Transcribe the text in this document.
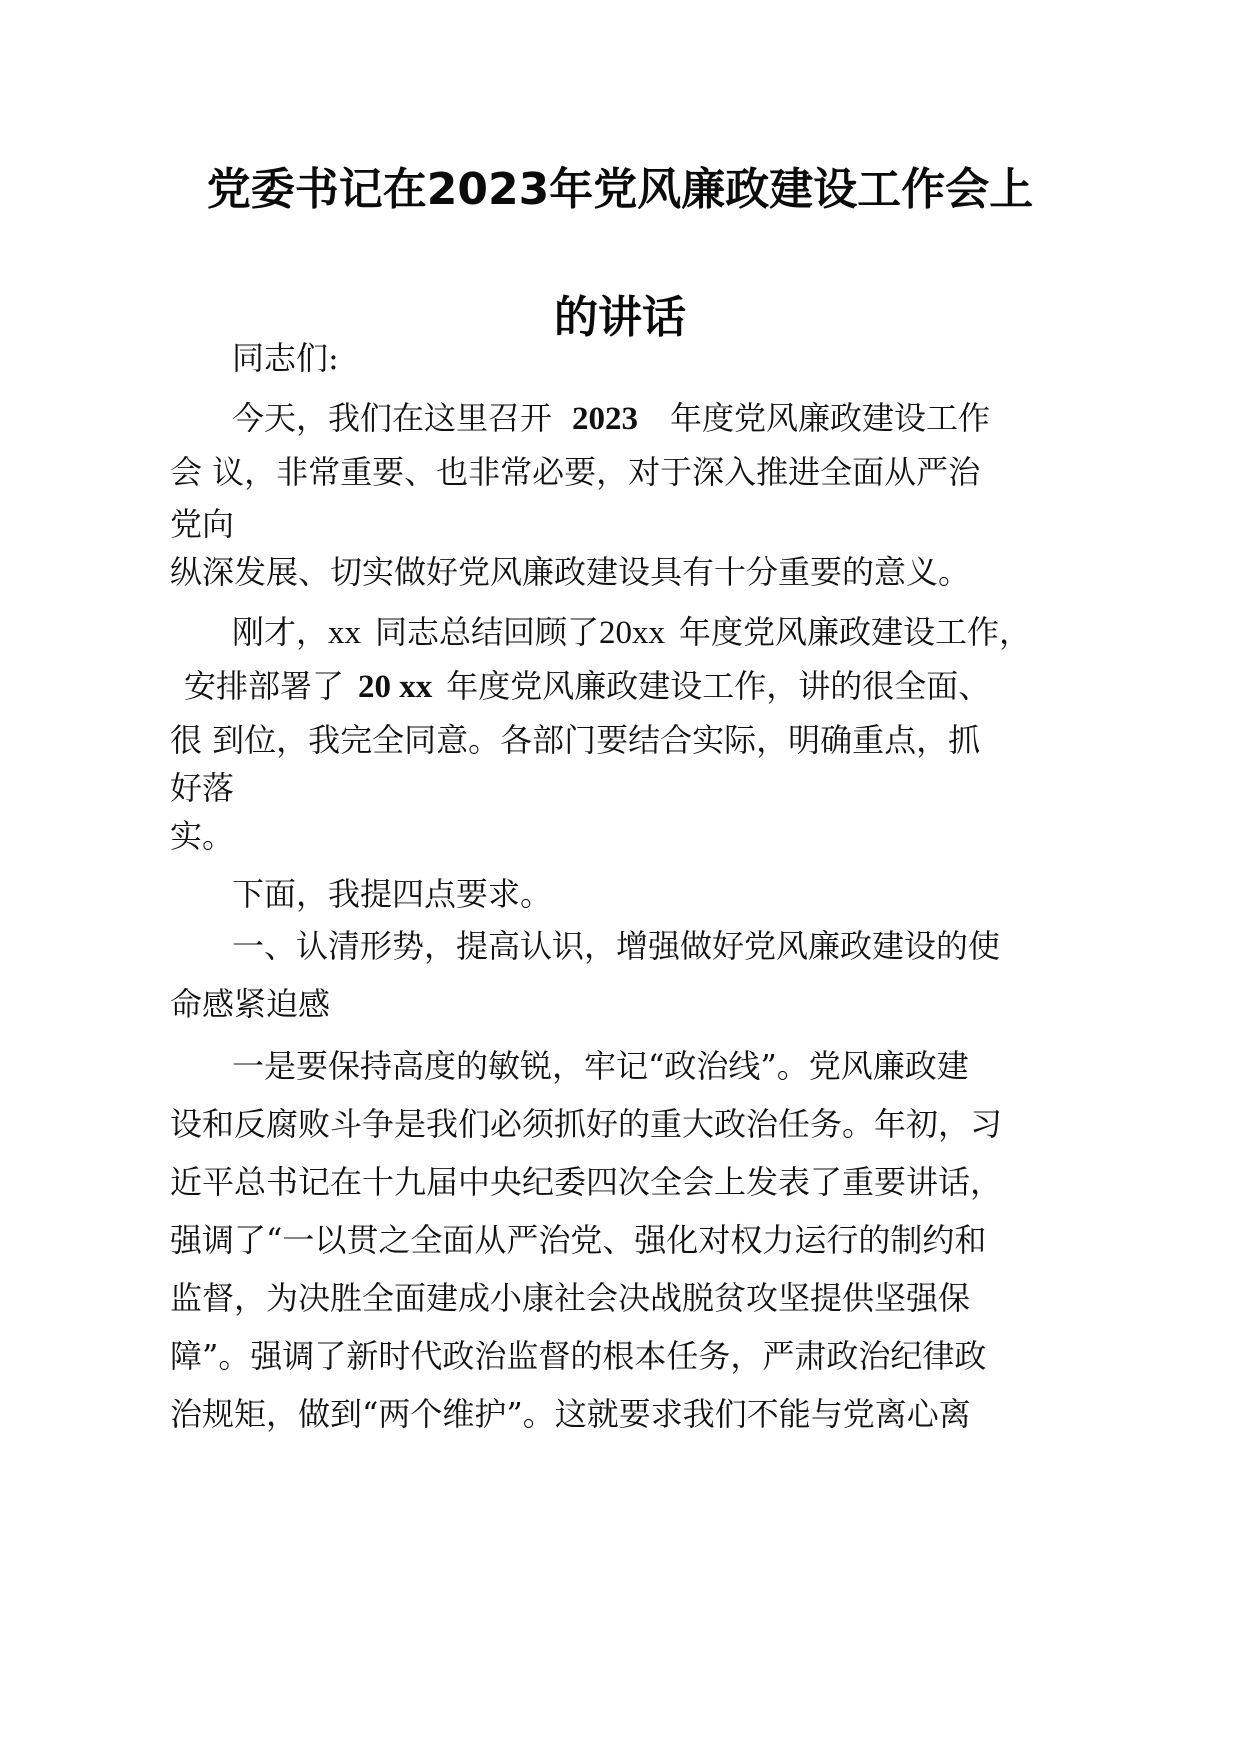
党委书记在2023年党风廉政建设工作会上
的讲话
同志们:
今天，我们在这里召开 2023 年度党风廉政建设工作
会 议，非常重要、也非常必要，对于深入推进全面从严治
党向
纵深发展、切实做好党风廉政建设具有十分重要的意义。
刚才，xx 同志总结回顾了20xx 年度党风廉政建设工作，
安排部署了 20 xx 年度党风廉政建设工作，讲的很全面、
很 到位，我完全同意。各部门要结合实际，明确重点，抓
好落
实。
下面，我提四点要求。
一、认清形势，提高认识，增强做好党风廉政建设的使
命感紧迫感
一是要保持高度的敏锐，牢记“政治线”。党风廉政建
设和反腐败斗争是我们必须抓好的重大政治任务。年初，习
近平总书记在十九届中央纪委四次全会上发表了重要讲话，
强调了“一以贯之全面从严治党、强化对权力运行的制约和
监督，为决胜全面建成小康社会决战脱贫攻坚提供坚强保
障”。强调了新时代政治监督的根本任务，严肃政治纪律政
治规矩，做到“两个维护”。这就要求我们不能与党离心离
